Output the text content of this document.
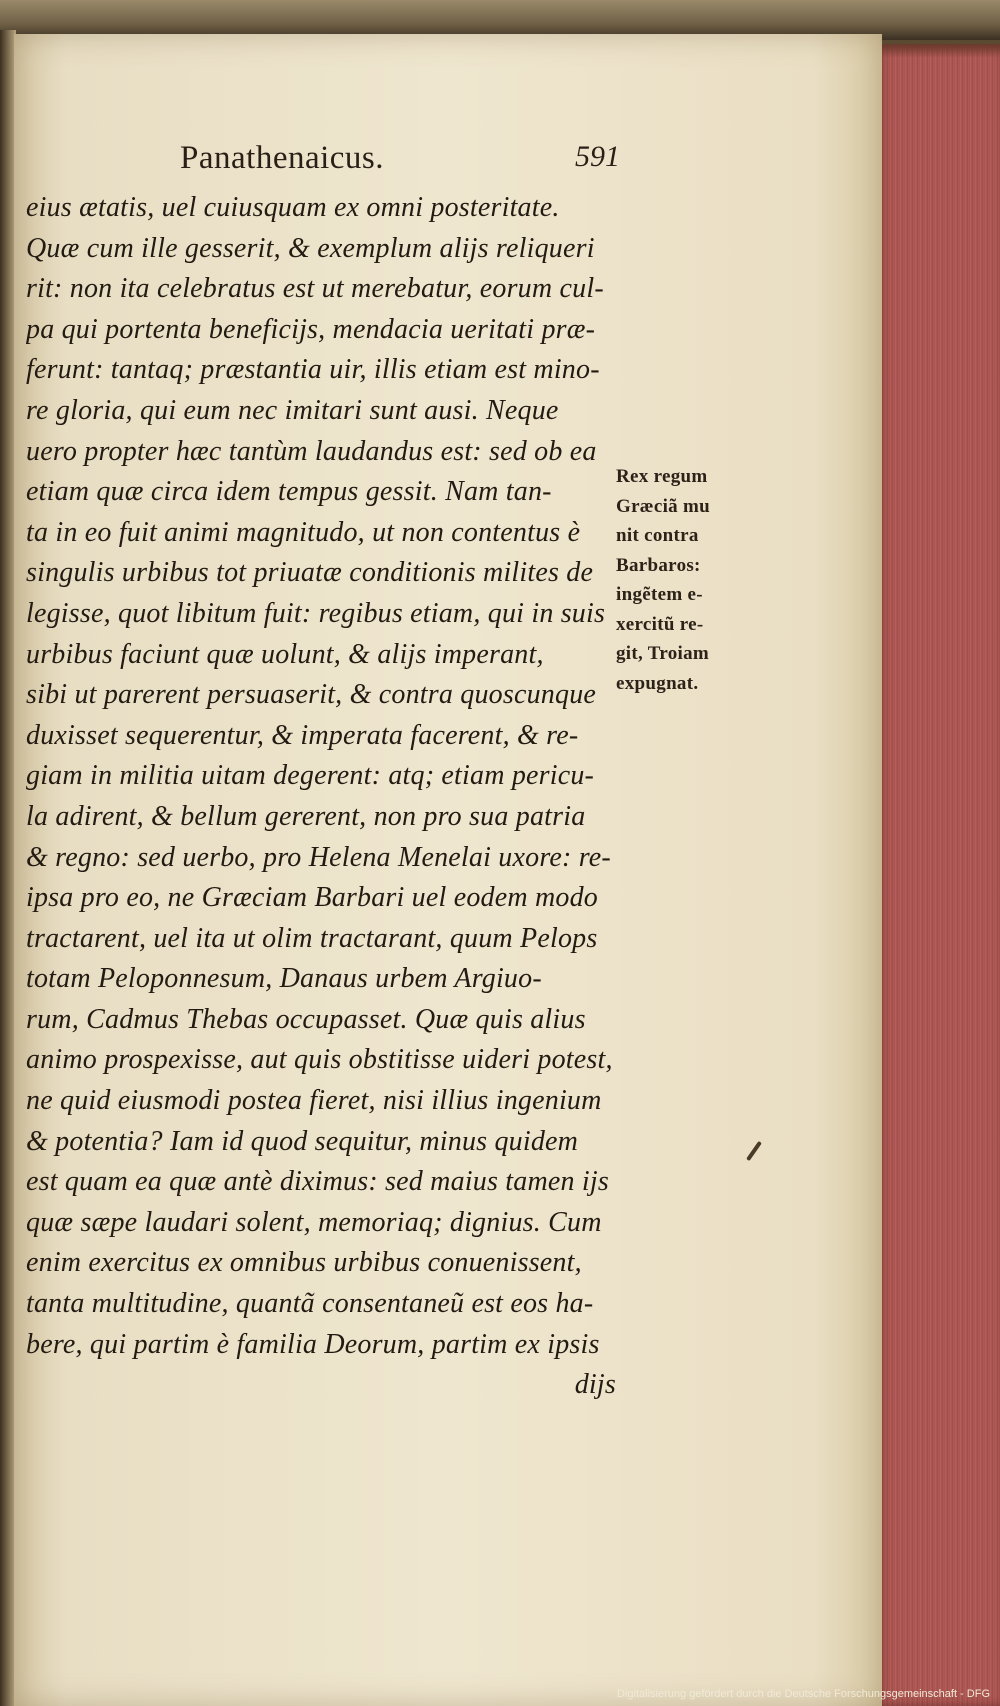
Panathenaicus.	591
eius ætatis, uel cuiusquam ex omni posteritate.
Quæ cum ille gesserit, & exemplum alijs reliqueri
rit: non ita celebratus est ut merebatur, eorum cul-
pa qui portenta beneficijs, mendacia ueritati præ-
ferunt: tantaq; præstantia uir, illis etiam est mino-
re gloria, qui eum nec imitari sunt ausi. Neque
uero propter hæc tantùm laudandus est: sed ob ea
etiam quæ circa idem tempus gessit. Nam tan-
ta in eo fuit animi magnitudo, ut non contentus è
singulis urbibus tot priuatæ conditionis milites de
legisse, quot libitum fuit: regibus etiam, qui in suis
urbibus faciunt quæ uolunt, & alijs imperant,
sibi ut parerent persuaserit, & contra quoscunque
duxisset sequerentur, & imperata facerent, & re-
giam in militia uitam degerent: atq; etiam pericu-
la adirent, & bellum gererent, non pro sua patria
& regno: sed uerbo, pro Helena Menelai uxore: re-
ipsa pro eo, ne Græciam Barbari uel eodem modo
tractarent, uel ita ut olim tractarant, quum Pelops
totam Peloponnesum, Danaus urbem Argiuo-
rum, Cadmus Thebas occupasset. Quæ quis alius
animo prospexisse, aut quis obstitisse uideri potest,
ne quid eiusmodi postea fieret, nisi illius ingenium
& potentia? Iam id quod sequitur, minus quidem
est quam ea quæ antè diximus: sed maius tamen ijs
quæ sæpe laudari solent, memoriaq; dignius. Cum
enim exercitus ex omnibus urbibus conuenissent,
tanta multitudine, quantã consentaneũ est eos ha-
bere, qui partim è familia Deorum, partim ex ipsis
dijs
Rex regum
Græciã mu
nit contra
Barbaros:
ingẽtem e-
xercitũ re-
git, Troiam
expugnat.
Digitalisierung gefördert durch die Deutsche Forschungsgemeinschaft - DFG
